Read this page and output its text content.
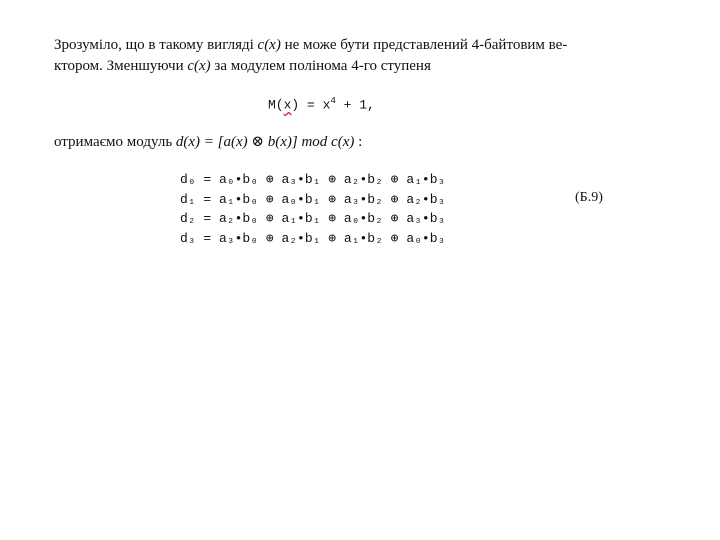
Зрозуміло, що в такому вигляді c(x) не може бути представлений 4-байтовим ве-
ктором. Зменшуючи c(x) за модулем полінома 4-го ступеня
$M(x) = x^4 + 1$,
отримаємо модуль d(x) = [a(x) ⊗ b(x)] mod c(x) :
d₀ = a₀•b₀ ⊕ a₃•b₁ ⊕ a₂•b₂ ⊕ a₁•b₃
d₁ = a₁•b₀ ⊕ a₀•b₁ ⊕ a₃•b₂ ⊕ a₂•b₃
d₂ = a₂•b₀ ⊕ a₁•b₁ ⊕ a₀•b₂ ⊕ a₃•b₃
d₃ = a₃•b₀ ⊕ a₂•b₁ ⊕ a₁•b₂ ⊕ a₀•b₃
(Б.9)
